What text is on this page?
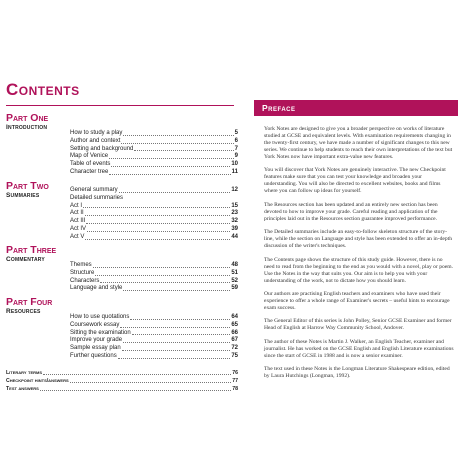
Contents
Part One
Introduction
How to study a play	5
Author and context	6
Setting and background	7
Map of Venice	9
Table of events	10
Character tree	11
Part Two
Summaries
General summary	12
Detailed summaries
Act I	15
Act II	23
Act III	32
Act IV	39
Act V	44
Part Three
Commentary
Themes	48
Structure	51
Characters	52
Language and style	59
Part Four
Resources
How to use quotations	64
Coursework essay	65
Sitting the examination	66
Improve your grade	67
Sample essay plan	72
Further questions	75
Literary terms	76
Checkpoint hints/answers	77
Test answers	78
Preface

York Notes are designed to give you a broader perspective on works of literature studied at GCSE and equivalent levels. With examination requirements changing in the twenty-first century, we have made a number of significant changes to this new series. We continue to help students to reach their own interpretations of the text but York Notes now have important extra-value new features.

You will discover that York Notes are genuinely interactive. The new Checkpoint features make sure that you can test your knowledge and broaden your understanding. You will also be directed to excellent websites, books and films where you can follow up ideas for yourself.

The Resources section has been updated and an entirely new section has been devoted to how to improve your grade. Careful reading and application of the principles laid out in the Resources section guarantee improved performance.

The Detailed summaries include an easy-to-follow skeleton structure of the story-line, while the section on Language and style has been extended to offer an in-depth discussion of the writer's techniques.

The Contents page shows the structure of this study guide. However, there is no need to read from the beginning to the end as you would with a novel, play or poem. Use the Notes in the way that suits you. Our aim is to help you with your understanding of the work, not to dictate how you should learn.

Our authors are practising English teachers and examiners who have used their experience to offer a whole range of Examiner's secrets – useful hints to encourage exam success.

The General Editor of this series is John Polley, Senior GCSE Examiner and former Head of English at Harrow Way Community School, Andover.

The author of these Notes is Martin J. Walker, an English Teacher, examiner and journalist. He has worked on the GCSE English and English Literature examinations since the start of GCSE in 1988 and is now a senior examiner.

The text used in these Notes is the Longman Literature Shakespeare edition, edited by Laura Hutchings (Longman, 1992).
